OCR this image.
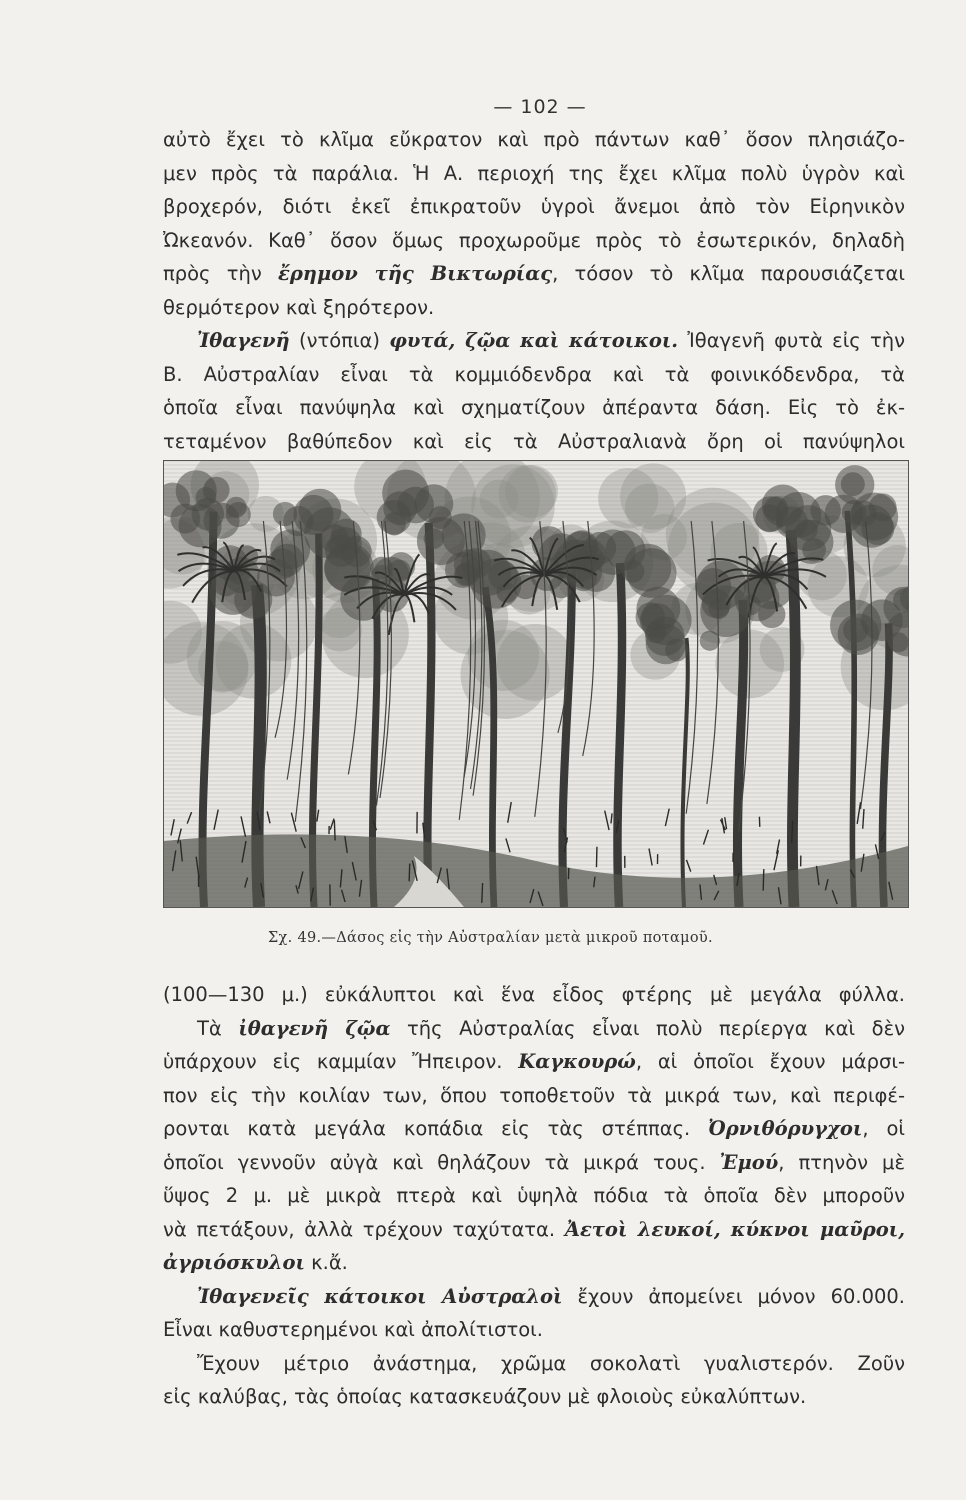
— 102 —
αὐτὸ ἔχει τὸ κλῖμα εὔκρατον καὶ πρὸ πάντων καθ᾿ ὅσον πλησιάζο-
μεν πρὸς τὰ παράλια. Ἡ Α. περιοχή της ἔχει κλῖμα πολὺ ὑγρὸν καὶ
βροχερόν, διότι ἐκεῖ ἐπικρατοῦν ὑγροὶ ἄνεμοι ἀπὸ τὸν Εἰρηνικὸν
Ὠκεανόν. Καθ᾿ ὅσον ὅμως προχωροῦμε πρὸς τὸ ἐσωτερικόν, δηλαδὴ
πρὸς τὴν ἔρημον τῆς Βικτωρίας, τόσον τὸ κλῖμα παρουσιάζεται
θερμότερον καὶ ξηρότερον.
Ἰθαγενῆ (ντόπια) φυτά, ζῷα καὶ κάτοικοι. Ἰθαγενῆ φυτὰ εἰς τὴν
Β. Αὐστραλίαν εἶναι τὰ κομμιόδενδρα καὶ τὰ φοινικόδενδρα, τὰ
ὁποῖα εἶναι πανύψηλα καὶ σχηματίζουν ἀπέραντα δάση. Εἰς τὸ ἐκ-
τεταμένον βαθύπεδον καὶ εἰς τὰ Αὐστραλιανὰ ὄρη οἱ πανύψηλοι
Σχ. 49.—Δάσος εἰς τὴν Αὐστραλίαν μετὰ μικροῦ ποταμοῦ.
(100—130 μ.) εὐκάλυπτοι καὶ ἕνα εἶδος φτέρης μὲ μεγάλα φύλλα.
Τὰ ἰθαγενῆ ζῷα τῆς Αὐστραλίας εἶναι πολὺ περίεργα καὶ δὲν
ὑπάρχουν εἰς καμμίαν Ἤπειρον. Καγκουρώ, αἱ ὁποῖοι ἔχουν μάρσι-
πον εἰς τὴν κοιλίαν των, ὅπου τοποθετοῦν τὰ μικρά των, καὶ περιφέ-
ρονται κατὰ μεγάλα κοπάδια εἰς τὰς στέππας. Ὀρνιθόρυγχοι, οἱ
ὁποῖοι γεννοῦν αὐγὰ καὶ θηλάζουν τὰ μικρά τους. Ἐμού, πτηνὸν μὲ
ὕψος 2 μ. μὲ μικρὰ πτερὰ καὶ ὑψηλὰ πόδια τὰ ὁποῖα δὲν μποροῦν
νὰ πετάξουν, ἀλλὰ τρέχουν ταχύτατα. Ἀετοὶ λευκοί, κύκνοι μαῦροι,
ἀγριόσκυλοι κ.ἄ.
Ἰθαγενεῖς κάτοικοι Αὐστραλοὶ ἔχουν ἀπομείνει μόνον 60.000.
Εἶναι καθυστερημένοι καὶ ἀπολίτιστοι.
Ἔχουν μέτριο ἀνάστημα, χρῶμα σοκολατὶ γυαλιστερόν. Ζοῦν
εἰς καλύβας, τὰς ὁποίας κατασκευάζουν μὲ φλοιοὺς εὐκαλύπτων.
